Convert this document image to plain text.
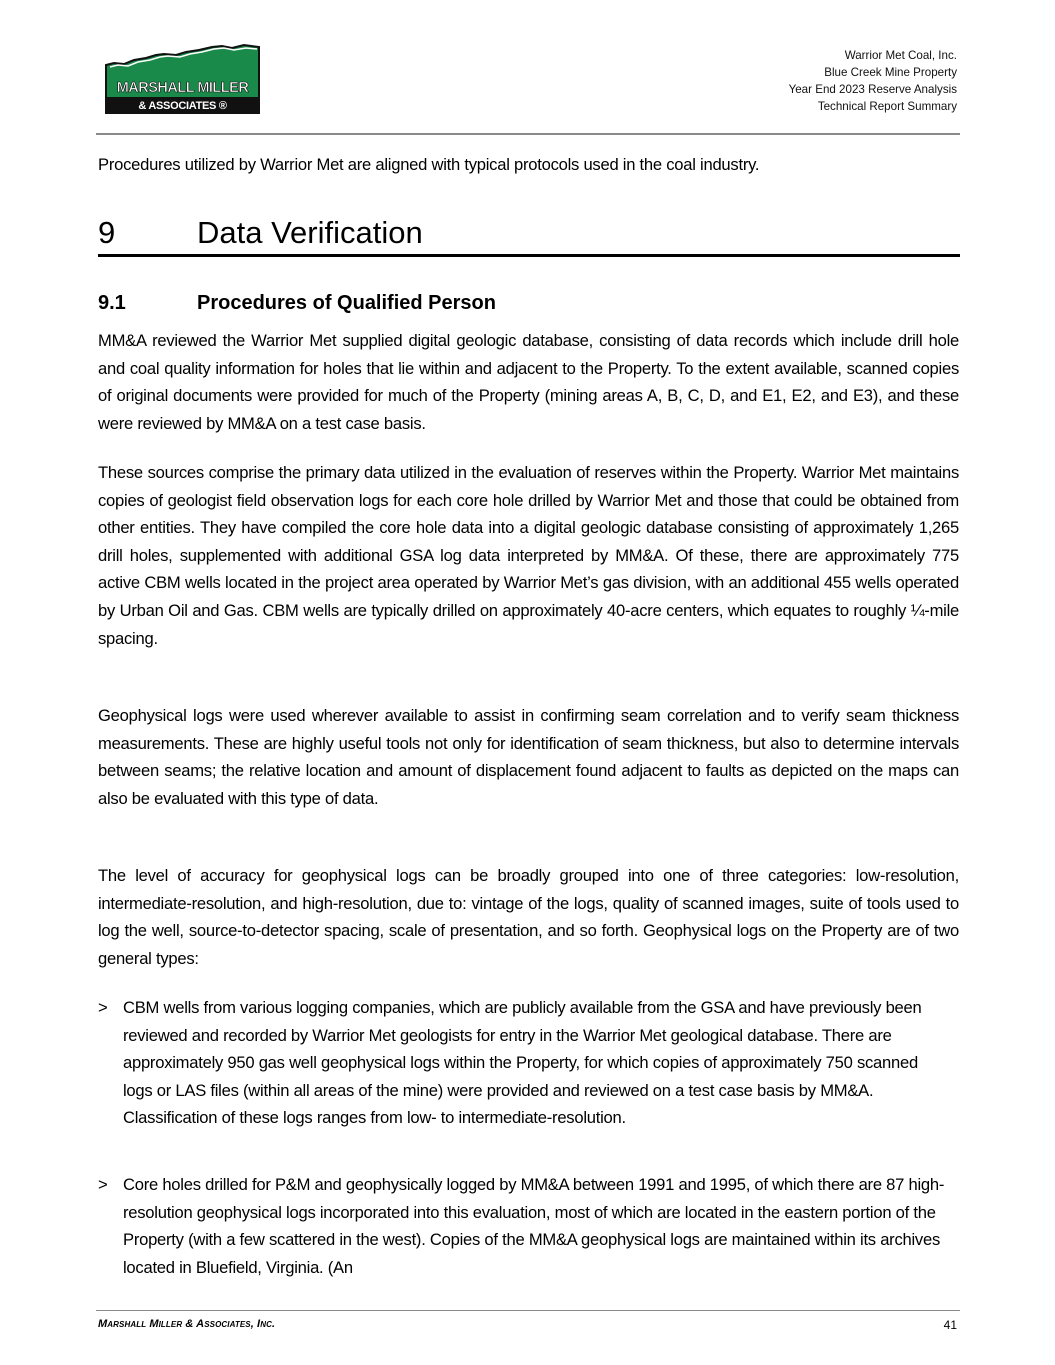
MARSHALL MILLER
& ASSOCIATES ®
Warrior Met Coal, Inc.
Blue Creek Mine Property
Year End 2023 Reserve Analysis
Technical Report Summary
Procedures utilized by Warrior Met are aligned with typical protocols used in the coal industry.
9	Data Verification
9.1	Procedures of Qualified Person
MM&A reviewed the Warrior Met supplied digital geologic database, consisting of data records which include drill hole and coal quality information for holes that lie within and adjacent to the Property. To the extent available, scanned copies of original documents were provided for much of the Property (mining areas A, B, C, D, and E1, E2, and E3), and these were reviewed by MM&A on a test case basis.
These sources comprise the primary data utilized in the evaluation of reserves within the Property. Warrior Met maintains copies of geologist field observation logs for each core hole drilled by Warrior Met and those that could be obtained from other entities. They have compiled the core hole data into a digital geologic database consisting of approximately 1,265 drill holes, supplemented with additional GSA log data interpreted by MM&A. Of these, there are approximately 775 active CBM wells located in the project area operated by Warrior Met’s gas division, with an additional 455 wells operated by Urban Oil and Gas. CBM wells are typically drilled on approximately 40-acre centers, which equates to roughly ¼-mile spacing.
Geophysical logs were used wherever available to assist in confirming seam correlation and to verify seam thickness measurements. These are highly useful tools not only for identification of seam thickness, but also to determine intervals between seams; the relative location and amount of displacement found adjacent to faults as depicted on the maps can also be evaluated with this type of data.
The level of accuracy for geophysical logs can be broadly grouped into one of three categories: low-resolution, intermediate-resolution, and high-resolution, due to: vintage of the logs, quality of scanned images, suite of tools used to log the well, source-to-detector spacing, scale of presentation, and so forth. Geophysical logs on the Property are of two general types:
> CBM wells from various logging companies, which are publicly available from the GSA and have previously been reviewed and recorded by Warrior Met geologists for entry in the Warrior Met geological database. There are approximately 950 gas well geophysical logs within the Property, for which copies of approximately 750 scanned logs or LAS files (within all areas of the mine) were provided and reviewed on a test case basis by MM&A. Classification of these logs ranges from low- to intermediate-resolution.
> Core holes drilled for P&M and geophysically logged by MM&A between 1991 and 1995, of which there are 87 high-resolution geophysical logs incorporated into this evaluation, most of which are located in the eastern portion of the Property (with a few scattered in the west). Copies of the MM&A geophysical logs are maintained within its archives located in Bluefield, Virginia. (An
Marshall Miller & Associates, Inc.	41
